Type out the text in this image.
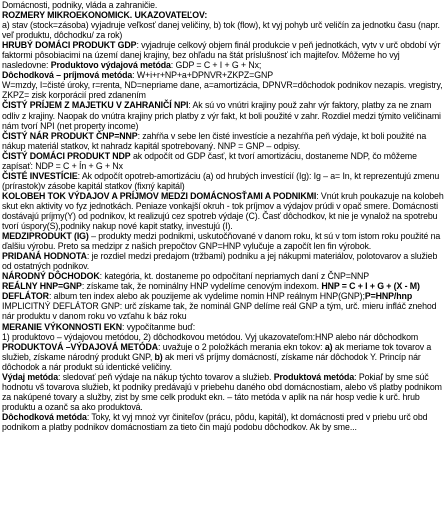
Domácnosti, podniky, vláda a zahraničie.

ROZMERY MIKROEKONOMICK. UKAZOVATEĽOV:

a) stav (stock=zásoba) vyjadruje veľkosť danej veličiny, b) tok (flow), kt vyj pohyb urč veličín za jednotku času (napr. veľ produktu, dôchodku/ za rok)

HRUBÝ DOMÁCI PRODUKT GDP: vyjadruje celkový objem finál produkcie v peň jednotkách, vytv v urč období výr faktormi pôsobiacimi na území danej krajiny, bez ohľadu na štát príslušnosť ich majiteľov. Môžeme ho vyj nasledovne: Produktovo výdajová metóda: GDP = C + I + G + Nx;

Dôchodková – príjmová metóda: W+i+r+NP+a+DPNVR+ZKPZ=GNP

W=mzdy, I=čisté úroky, r=renta, ND=nepriame dane, a=amortizácia, DPNVR=dôchodok podnikov nezapis. vregistry, ZKPZ= zisk korporácií pred zdanením

ČISTÝ PRÍJEM Z MAJETKU V ZAHRANIČÍ NPI: Ak sú vo vnútri krajiny použ zahr výr faktory, platby za ne znam odliv z krajiny. Naopak do vnútra krajiny prich platby z výr fakt, kt boli použité v zahr. Rozdiel medzi týmito veličinami nám tvorí NPI (net property income)

ČISTÝ NÁR PRODUKT ČNP=NNP: zahŕňa v sebe len čisté investície a nezahŕňa peň výdaje, kt boli použité na nákup materiál statkov, kt nahradz kapitál spotrebovaný. NNP = GNP – odpisy.

ČISTÝ DOMÁCI PRODUKT NDP ak odpočít od GDP časť, kt tvorí amortizáciu, dostaneme NDP, čo môžeme zapísať: NDP = C + Ín + G + Nx

ČISTÉ INVESTÍCIE: Ak odpočít opotreb-amortizáciu (a) od hrubých investícií (Ig): Ig – a= In, kt reprezentujú zmenu (prírastok)v zásobe kapitál statkov (fixný kapitál)

KOLOBEH TOK VÝDAJOV A PRÍJMOV MEDZI DOMÁCNOSŤAMI A PODNIKMI: Vnút kruh poukazuje na kolobeh skut ekn aktivity vo fyz jednotkách. Peniaze vonkajší okruh - tok príjmov a výdajov prúdi v opač smere. Domácnosti dostávajú príjmy(Y) od podnikov, kt realizujú cez spotreb výdaje (C). Časť dôchodkov, kt nie je vynalož na spotrebu tvorí úspory(S),podniky nakup nové kapit statky, investujú (I).

MEDZIPRODUKT (IG) – produkty medzi podnikmi, uskutočňované v danom roku, kt sú v tom istom roku použité na ďalšiu výrobu. Preto sa medzipr z našich prepočtov GNP=HNP vylučuje a započít len fin výrobok.

PRIDANÁ HODNOTA: je rozdiel medzi predajom (tržbami) podniku a jej nákupmi materiálov, polotovarov a služieb od ostatných podnikov.

NÁRODNÝ DÔCHODOK: kategória, kt. dostaneme po odpočítaní nepriamych daní z ČNP=NNP

REÁLNY HNP=GNP: získame tak, že nominálny HNP vydelíme cenovým indexom. HNP = C + I + G + (X - M)

DEFLÁTOR: album ten index alebo ak pouzijeme ak vydelime nomin HNP reálnym HNP(GNP);P=HNP/hnp

IMPLICITNÝ DEFLÁTOR GNP: urč získame tak, že nominál GNP delíme reál GNP a tým, urč. mieru infláč znehod nár produktu v danom roku vo vzťahu k báz roku

MERANIE VÝKONNOSTI EKN: vypočítanme buď:

1) produktovo – výdajovou metódou, 2) dôchodkovou metódou. Vyj ukazovateľom:HNP alebo nár dôchodkom

PRODUKTOVÁ –VÝDAJOVÁ METÓDA: uvažuje o 2 položkách merania ekn tokov: a) ak meriame tok tovarov a služieb, získame národný produkt GNP, b) ak meri vš príjmy domácností, získame nár dôchodok Y. Princíp nár dôchodok a nár produkt sú identické veličiny.

Výdaj metóda: sledovať peň výdaje na nákup týchto tovarov a služieb. Produktová metóda: Pokiaľ by sme súč hodnotu vš tovarova služieb, kt podniky predávajú v priebehu daného obd domácnostiam, alebo vš platby podnikom za nakúpené tovary a služby, zist by sme celk produkt ekn. – táto metóda v aplik na nár hosp vedie k urč. hrub produktu a ozanč sa ako produktová.

Dôchodková metóda: Toky, kt vyj mnoż vyr činiteľov (prácu, pôdu, kapitál), kt domácnosti pred v priebu urč obd podnikom a platby podnikov domácnostiam za tieto čin majú podobu dôchodkov. Ak by sme...
